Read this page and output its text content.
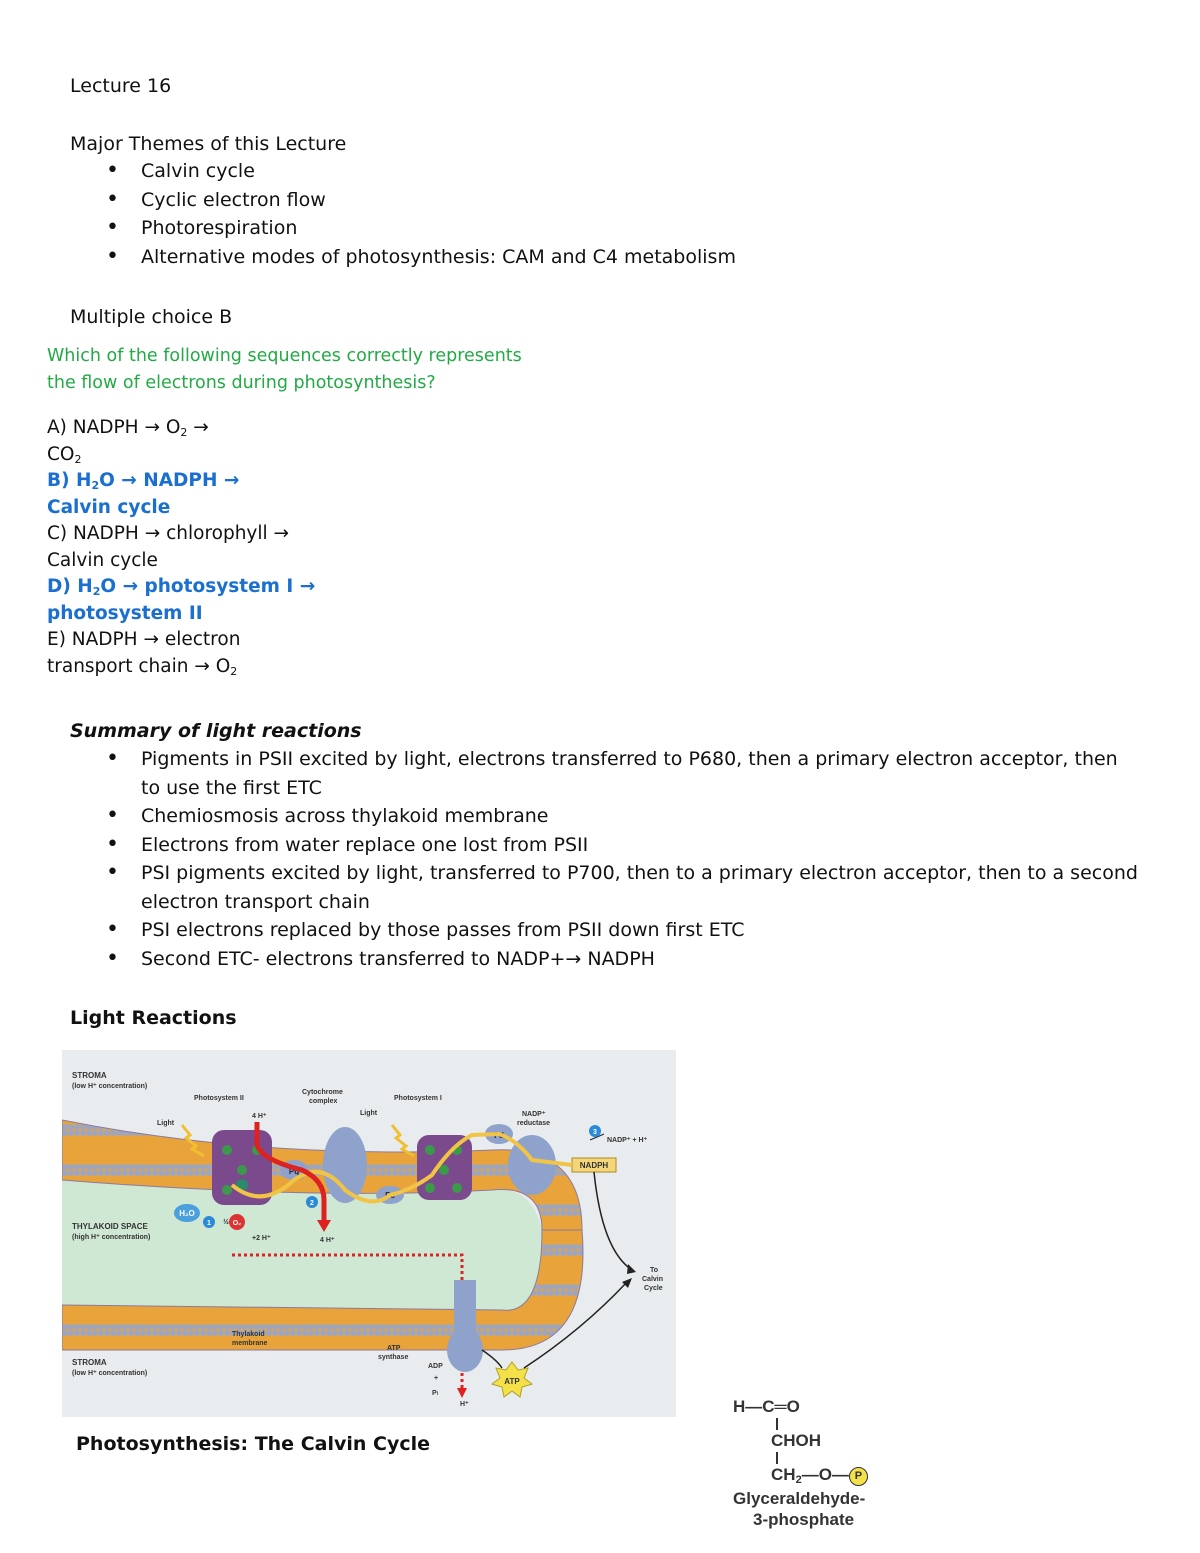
Lecture 16
Major Themes of this Lecture
• Calvin cycle
• Cyclic electron flow
• Photorespiration
• Alternative modes of photosynthesis: CAM and C4 metabolism
Multiple choice B
Which of the following sequences correctly represents
the flow of electrons during photosynthesis?
A) NADPH → $O_2$ →
$CO_2$
B) $H_2O$ → NADPH →
Calvin cycle
C) NADPH → chlorophyll →
Calvin cycle
D) $H_2O$ → photosystem I →
photosystem II
E) NADPH → electron
transport chain → $O_2$
Summary of light reactions
• Pigments in PSII excited by light, electrons transferred to P680, then a primary electron acceptor, then
to use the first ETC
• Chemiosmosis across thylakoid membrane
• Electrons from water replace one lost from PSII
• PSI pigments excited by light, transferred to P700, then to a primary electron acceptor, then to a second
electron transport chain
• PSI electrons replaced by those passes from PSII down first ETC
• Second ETC- electrons transferred to NADP+→ NADPH
Light Reactions
Pq
Pc
Fd
NADPH
ATP
H₂O
O₂
½
1
2
3
STROMA
(low H⁺ concentration)
Photosystem II
Cytochrome
complex	Photosystem I
NADP⁺
reductase
Light
Light
4 H⁺
NADP⁺ + H⁺
+2 H⁺	4 H⁺
THYLAKOID SPACE
(high H⁺ concentration)
To
Calvin
Cycle
Thylakoid
membrane
STROMA
(low H⁺ concentration)
ATP
synthase
ADP
+
Pi
H⁺
Photosynthesis: The Calvin Cycle
H—C═O
CHOH
$CH_2—O—$ P
Glyceraldehyde-
3-phosphate
